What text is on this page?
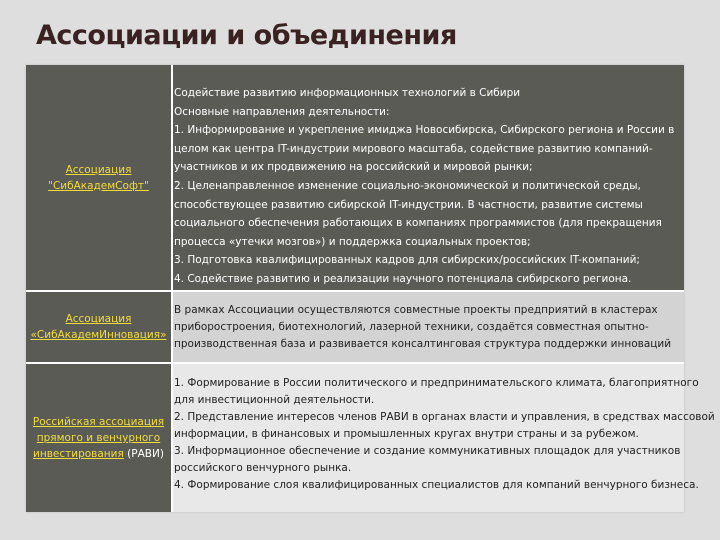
Ассоциации и объединения
Ассоциация
"СибАкадемСофт"
Содействие развитию информационных технологий в Сибири
Основные направления деятельности:
1. Информирование и укрепление имиджа Новосибирска, Сибирского региона и России в
целом как центра IT-индустрии мирового масштаба, содействие развитию компаний-
участников и их продвижению на российский и мировой рынки;
2. Целенаправленное изменение социально-экономической и политической среды,
способствующее развитию сибирской IT-индустрии. В частности, развитие системы
социального обеспечения работающих в компаниях программистов (для прекращения
процесса «утечки мозгов») и поддержка социальных проектов;
3. Подготовка квалифицированных кадров для сибирских/российских IT-компаний;
4. Содействие развитию и реализации научного потенциала сибирского региона.
Ассоциация
«СибАкадемИнновация»
В рамках Ассоциации осуществляются совместные проекты предприятий в кластерах
приборостроения, биотехнологий, лазерной техники, создаётся совместная опытно-
производственная база и развивается консалтинговая структура поддержки инноваций
Российская ассоциация
прямого и венчурного
инвестирования (РАВИ)
1. Формирование в России политического и предпринимательского климата, благоприятного
для инвестиционной деятельности.
2. Представление интересов членов РАВИ в органах власти и управления, в средствах массовой
информации, в финансовых и промышленных кругах внутри страны и за рубежом.
3. Информационное обеспечение и создание коммуникативных площадок для участников
российского венчурного рынка.
4. Формирование слоя квалифицированных специалистов для компаний венчурного бизнеса.
